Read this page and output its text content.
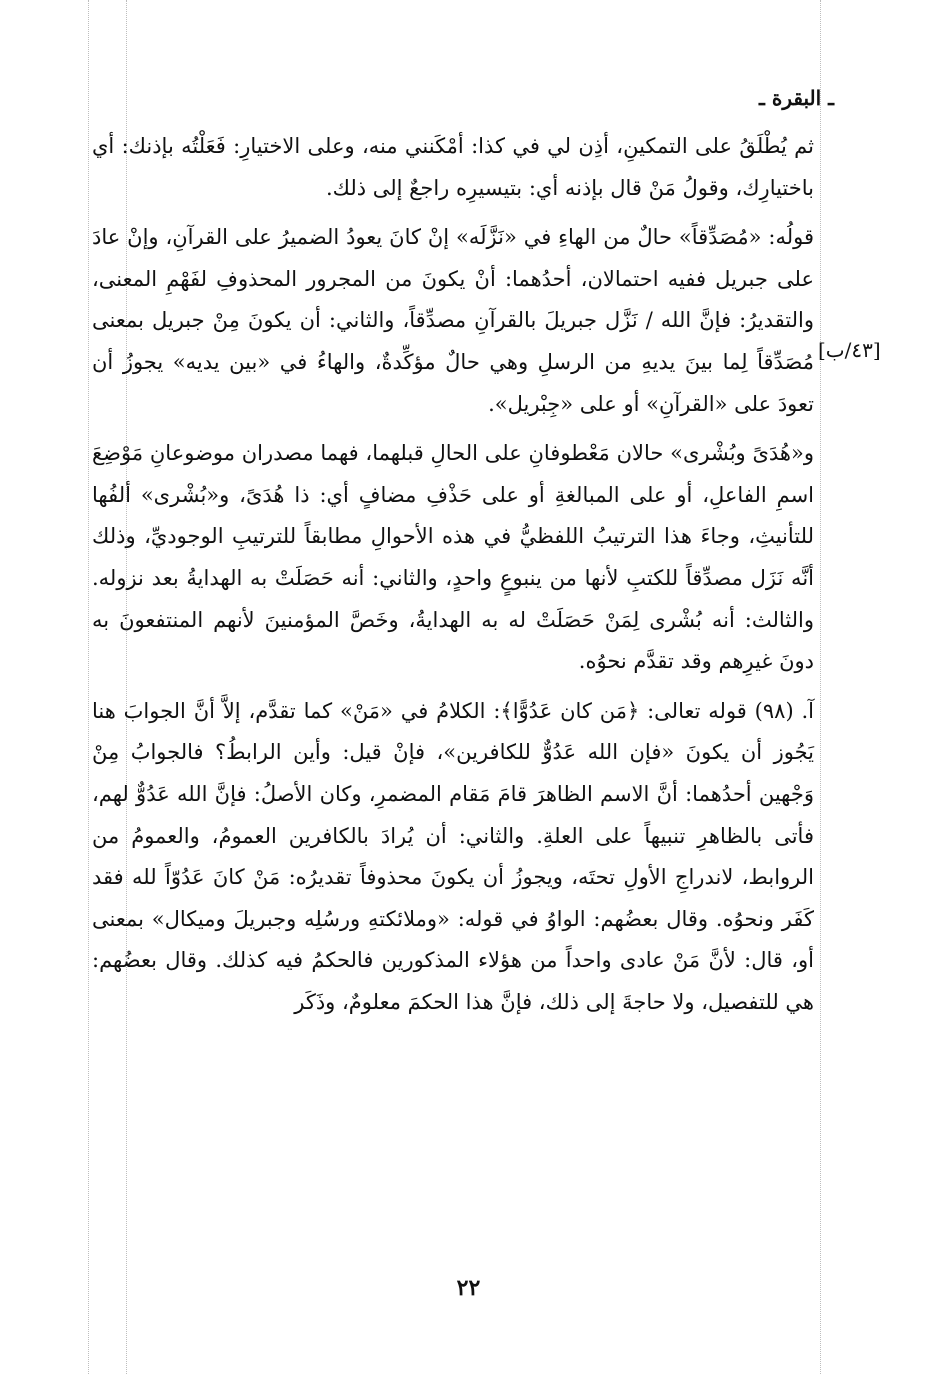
ـ البقرة ـ
[٤٣/ب]

ثم يُطْلَقُ على التمكينِ، أذِن لي في كذا: أمْكَنني منه، وعلى الاختيارِ: فَعَلْتُه بإذنك: أي باختيارِك، وقولُ مَنْ قال بإذنه أي: بتيسيرِه راجعٌ إلى ذلك.

قولُه: «مُصَدِّقاً» حالٌ من الهاءِ في «نَزَّلَه» إنْ كانَ يعودُ الضميرُ على القرآنِ، وإنْ عادَ على جبريل ففيه احتمالان، أحدُهما: أنْ يكونَ من المجرور المحذوفِ لفَهْمِ المعنى، والتقديرُ: فإنَّ الله / نَزَّل جبريلَ بالقرآنِ مصدِّقاً، والثاني: أن يكونَ مِنْ جبريل بمعنى مُصَدِّقاً لِما بينَ يديهِ من الرسلِ وهي حالٌ مؤكِّدةٌ، والهاءُ في «بين يديه» يجوزُ أن تعودَ على «القرآنِ» أو على «جِبْريل».

و«هُدَىً وبُشْرى» حالان مَعْطوفانِ على الحالِ قبلهما، فهما مصدران موضوعانِ مَوْضِعَ اسمِ الفاعلِ، أو على المبالغةِ أو على حَذْفِ مضافٍ أي: ذا هُدَىً، و«بُشْرى» ألفُها للتأنيثِ، وجاءَ هذا الترتيبُ اللفظيُّ في هذه الأحوالِ مطابقاً للترتيبِ الوجوديِّ، وذلك أنَّه نَزَل مصدِّقاً للكتبِ لأنها من ينبوعٍ واحدٍ، والثاني: أنه حَصَلَتْ به الهدايةُ بعد نزوله. والثالث: أنه بُشْرى لِمَنْ حَصَلَتْ له به الهدايةُ، وخَصَّ المؤمنينَ لأنهم المنتفعونَ به دونَ غيرِهم وقد تقدَّم نحوُه.

آ. (٩٨) قوله تعالى: ﴿مَن كان عَدُوًّا﴾: الكلامُ في «مَنْ» كما تقدَّم، إلاَّ أنَّ الجوابَ هنا يَجُوز أن يكونَ «فإن الله عَدُوٌّ للكافرين»، فإنْ قيل: وأين الرابطُ؟ فالجوابُ مِنْ وَجْهين أحدُهما: أنَّ الاسم الظاهرَ قامَ مَقام المضمرِ، وكان الأصلُ: فإنَّ الله عَدُوٌّ لهم، فأتى بالظاهرِ تنبيهاً على العلةِ. والثاني: أن يُرادَ بالكافرين العمومُ، والعمومُ من الروابط، لاندراجِ الأولِ تحتَه، ويجوزُ أن يكونَ محذوفاً تقديرُه: مَنْ كانَ عَدُوّاً لله فقد كَفَر ونحوُه. وقال بعضُهم: الواوُ في قوله: «وملائكتهِ ورسُلِه وجبريلَ وميكال» بمعنى أو، قال: لأنَّ مَنْ عادى واحداً من هؤلاء المذكورين فالحكمُ فيه كذلك. وقال بعضُهم: هي للتفصيل، ولا حاجةَ إلى ذلك، فإنَّ هذا الحكمَ معلومٌ، وذَكَر

٢٢
